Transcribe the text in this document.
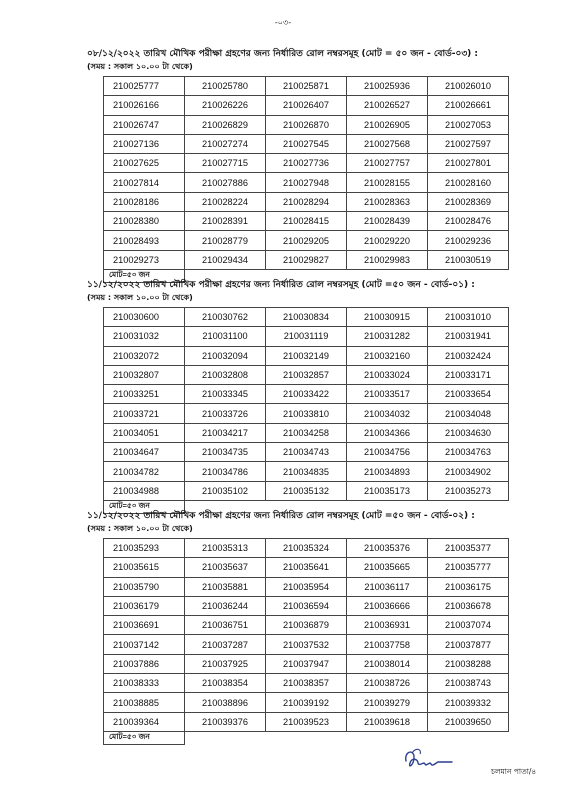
-০৩-
০৮/১২/২০২২ তারিখ মৌখিক পরীক্ষা গ্রহণের জন্য নির্ধারিত রোল নম্বরসমূহ (মোট = ৫০ জন - বোর্ড-০৩) :
(সময় : সকাল ১০.০০ টা থেকে)
210025777	210025780	210025871	210025936	210026010
210026166	210026226	210026407	210026527	210026661
210026747	210026829	210026870	210026905	210027053
210027136	210027274	210027545	210027568	210027597
210027625	210027715	210027736	210027757	210027801
210027814	210027886	210027948	210028155	210028160
210028186	210028224	210028294	210028363	210028369
210028380	210028391	210028415	210028439	210028476
210028493	210028779	210029205	210029220	210029236
210029273	210029434	210029827	210029983	210030519
মোট=৫০ জন				
১১/১২/২০২২ তারিখ মৌখিক পরীক্ষা গ্রহণের জন্য নির্ধারিত রোল নম্বরসমূহ (মোট =৫০ জন - বোর্ড-০১) :
(সময় : সকাল ১০.০০ টা থেকে)
210030600	210030762	210030834	210030915	210031010
210031032	210031100	210031119	210031282	210031941
210032072	210032094	210032149	210032160	210032424
210032807	210032808	210032857	210033024	210033171
210033251	210033345	210033422	210033517	210033654
210033721	210033726	210033810	210034032	210034048
210034051	210034217	210034258	210034366	210034630
210034647	210034735	210034743	210034756	210034763
210034782	210034786	210034835	210034893	210034902
210034988	210035102	210035132	210035173	210035273
মোট=৫০ জন				
১১/১২/২০২২ তারিখ মৌখিক পরীক্ষা গ্রহণের জন্য নির্ধারিত রোল নম্বরসমূহ (মোট =৫০ জন - বোর্ড-০২) :
(সময় : সকাল ১০.০০ টা থেকে)
210035293	210035313	210035324	210035376	210035377
210035615	210035637	210035641	210035665	210035777
210035790	210035881	210035954	210036117	210036175
210036179	210036244	210036594	210036666	210036678
210036691	210036751	210036879	210036931	210037074
210037142	210037287	210037532	210037758	210037877
210037886	210037925	210037947	210038014	210038288
210038333	210038354	210038357	210038726	210038743
210038885	210038896	210039192	210039279	210039332
210039364	210039376	210039523	210039618	210039650
মোট=৫০ জন				
চলমান পাতা/৪
